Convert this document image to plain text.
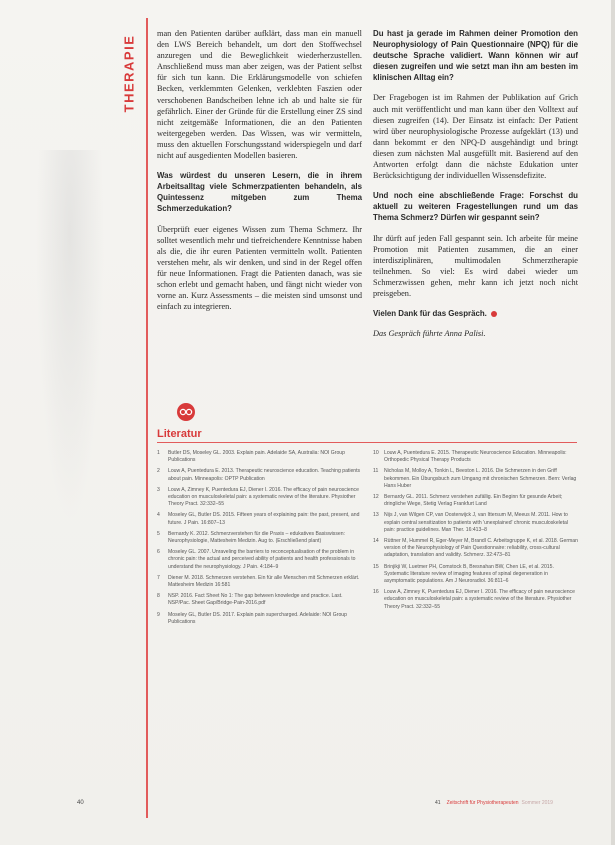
THERAPIE

man den Patienten darüber aufklärt, dass man ein manuell den LWS Bereich behandelt, um dort den Stoffwechsel anzuregen und die Beweglichkeit wiederherzustellen. Anschließend muss man aber zeigen, was der Patient selbst für sich tun kann. Die Erklärungsmodelle von schiefen Becken, verklemmten Gelenken, verklebten Faszien oder verschobenen Bandscheiben lehne ich ab und halte sie für gefährlich. Einer der Gründe für die Erstellung einer ZS sind nicht zeitgemäße Informationen, die an den Patienten weitergegeben werden. Das Wissen, was wir vermitteln, muss den aktuellen Forschungsstand widerspiegeln und darf nicht auf ausgedienten Modellen basieren.

Was würdest du unseren Lesern, die in ihrem Arbeitsalltag viele Schmerzpatienten behandeln, als Quintessenz mitgeben zum Thema Schmerzedukation?

Überprüft euer eigenes Wissen zum Thema Schmerz. Ihr solltet wesentlich mehr und tiefreichendere Kenntnisse haben als die, die ihr euren Patienten vermitteln wollt. Patienten verstehen mehr, als wir denken, und sind in der Regel offen für neue Informationen. Fragt die Patienten danach, was sie schon erlebt und gemacht haben, und fängt nicht wieder von vorne an. Kurz Assessments – die meisten sind umsonst und einfach zu integrieren.

Du hast ja gerade im Rahmen deiner Promotion den Neurophysiology of Pain Questionnaire (NPQ) für die deutsche Sprache validiert. Wann können wir auf diesen zugreifen und wie setzt man ihn am besten im klinischen Alltag ein?

Der Fragebogen ist im Rahmen der Publikation auf Grich auch mit veröffentlicht und man kann über den Volltext auf diesen zugreifen (14). Der Einsatz ist einfach: Der Patient wird über neurophysiologische Prozesse aufgeklärt (13) und dann bekommt er den NPQ-D ausgehändigt und bringt diesen zum nächsten Mal ausgefüllt mit. Basierend auf den Antworten erfolgt dann die nächste Edukation unter Berücksichtigung der individuellen Wissensdefizite.

Und noch eine abschließende Frage: Forschst du aktuell zu weiteren Fragestellungen rund um das Thema Schmerz? Dürfen wir gespannt sein?

Ihr dürft auf jeden Fall gespannt sein. Ich arbeite für meine Promotion mit Patienten zusammen, die an einer interdisziplinären, multimodalen Schmerztherapie teilnehmen. So viel: Es wird dabei wieder um Schmerzwissen gehen, mehr kann ich jetzt noch nicht preisgeben.

Vielen Dank für das Gespräch.

Das Gespräch führte Anna Palisi.

Literatur
1	Butler DS, Moseley GL. 2003. Explain pain. Adelaide SA, Australia: NOI Group Publications
2	Louw A, Puentedura E. 2013. Therapeutic neuroscience education. Teaching patients about pain. Minneapolis: OPTP Publication
3	Louw A, Zimney K, Puentedura EJ, Diener I. 2016. The efficacy of pain neuroscience education on musculoskeletal pain: a systematic review of the literature. Physiother Theory Pract. 32:332–55
4	Moseley GL, Butler DS. 2015. Fifteen years of explaining pain: the past, present, and future. J Pain. 16:807–13
5	Bernardy K. 2012. Schmerzverstehen für die Praxis – edukatives Basiswissen: Neurophysiologie, Mattesheim Medizin. Aug to. (Erschließend plant)
6	Moseley GL. 2007. Unraveling the barriers to reconceptualisation of the problem in chronic pain: the actual and perceived ability of patients and health professionals to understand the neurophysiology. J Pain. 4:184–9
7	Diener M. 2018. Schmerzen verstehen. Ein für alle Menschen mit Schmerzen erklärt. Mattesheim Medizin 16:581
8	NSP. 2016. Fact Sheet No 1: The gap between knowledge and practice. Last. NSP/Pac. Sheet Gap/Bridge-Pain-2016.pdf
9	Moseley GL, Butler DS. 2017. Explain pain supercharged. Adelaide: NOI Group Publications
10	Louw A, Puentedura E. 2015. Therapeutic Neuroscience Education. Minneapolis: Orthopedic Physical Therapy Products
11	Nicholas M, Molloy A, Tonkin L, Beeston L. 2016. Die Schmerzen in den Griff bekommen. Ein Übungsbuch zum Umgang mit chronischen Schmerzen. Bern: Verlag Hans Huber
12	Bernardy GL. 2011. Schmerz verstehen zufällig. Ein Beginn für gesunde Arbeit; dringliche Wege, Stetig Verlag Frankfurt Land
13	Nijs J, van Wilgen CP, van Oosterwijck J, van Ittersum M, Meeus M. 2011. How to explain central sensitization to patients with 'unexplained' chronic musculoskeletal pain: practice guidelines. Man Ther. 16:413–8
14	Rüttner M, Hummel R, Eger-Meyer M, Brandl C. Arbeitsgruppe K, et al. 2018. German version of the Neurophysiology of Pain Questionnaire: reliability, cross-cultural adaptation, translation and validity. Schmerz. 32:473–81
15	Brinjikji W, Luetmer PH, Comstock B, Bresnahan BW, Chen LE, et al. 2015. Systematic literature review of imaging features of spinal degeneration in asymptomatic populations. Am J Neuroradiol. 36:811–6
16	Louw A, Zimney K, Puentedura EJ, Diener I. 2016. The efficacy of pain neuroscience education on musculoskeletal pain: a systematic review of the literature. Physiother Theory Pract. 32:332–55
40	41 Zeitschrift für Physiotherapeuten Sommer 2019
